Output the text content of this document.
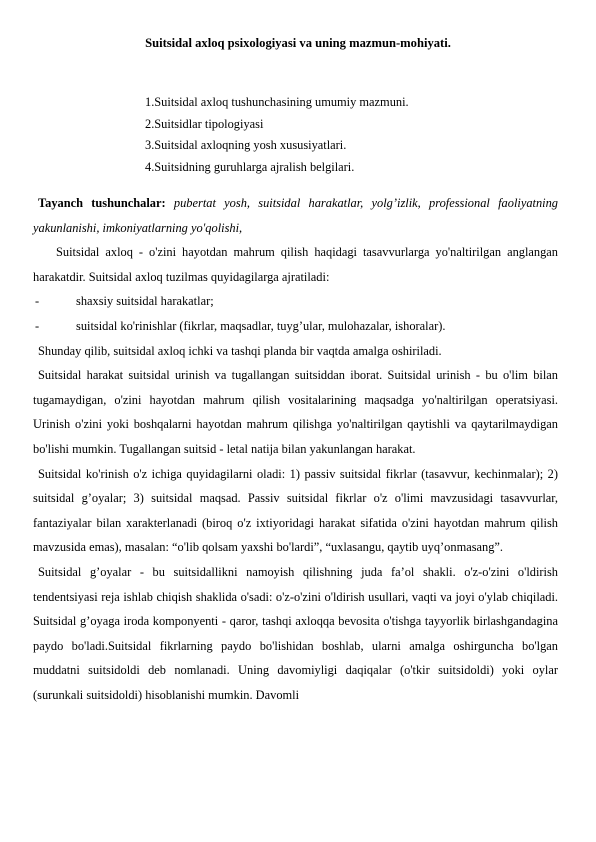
Suitsidal axloq psixologiyasi va uning mazmun-mohiyati.
1.Suitsidal axloq tushunchasining umumiy mazmuni.
2.Suitsidlar tipologiyasi
3.Suitsidal axloqning yosh xususiyatlari.
4.Suitsidning guruhlarga ajralish belgilari.

Tayanch tushunchalar: pubertat yosh, suitsidal harakatlar, yolg’izlik, professional faoliyatning yakunlanishi, imkoniyatlarning yo'qolishi,

Suitsidal axloq - o'zini hayotdan mahrum qilish haqidagi tasavvurlarga yo'naltirilgan anglangan harakatdir. Suitsidal axloq tuzilmas quyidagilarga ajratiladi:

-	shaxsiy suitsidal harakatlar;
-	suitsidal ko'rinishlar (fikrlar, maqsadlar, tuyg’ular, mulohazalar, ishoralar).

Shunday qilib, suitsidal axloq ichki va tashqi planda bir vaqtda amalga oshiriladi.

Suitsidal harakat suitsidal urinish va tugallangan suitsiddan iborat. Suitsidal urinish - bu o'lim bilan tugamaydigan, o'zini hayotdan mahrum qilish vositalarining maqsadga yo'naltirilgan operatsiyasi. Urinish o'zini yoki boshqalarni hayotdan mahrum qilishga yo'naltirilgan qaytishli va qaytarilmaydigan bo'lishi mumkin. Tugallangan suitsid - letal natija bilan yakunlangan harakat.

Suitsidal ko'rinish o'z ichiga quyidagilarni oladi: 1) passiv suitsidal fikrlar (tasavvur, kechinmalar); 2) suitsidal g’oyalar; 3) suitsidal maqsad. Passiv suitsidal fikrlar o'z o'limi mavzusidagi tasavvurlar, fantaziyalar bilan xarakterlanadi (biroq o'z ixtiyoridagi harakat sifatida o'zini hayotdan mahrum qilish mavzusida emas), masalan: “o'lib qolsam yaxshi bo'lardi”, “uxlasangu, qaytib uyq’onmasang”.

Suitsidal g’oyalar - bu suitsidallikni namoyish qilishning juda fa’ol shakli. o'z-o'zini o'ldirish tendentsiyasi reja ishlab chiqish shaklida o'sadi: o'z-o'zini o'ldirish usullari, vaqti va joyi o'ylab chiqiladi. Suitsidal g’oyaga iroda komponyenti - qaror, tashqi axloqqa bevosita o'tishga tayyorlik birlashgandagina paydo bo'ladi.Suitsidal fikrlarning paydo bo'lishidan boshlab, ularni amalga oshirguncha bo'lgan muddatni suitsidoldi deb nomlanadi. Uning davomiyligi daqiqalar (o'tkir suitsidoldi) yoki oylar (surunkali suitsidoldi) hisoblanishi mumkin. Davomli
